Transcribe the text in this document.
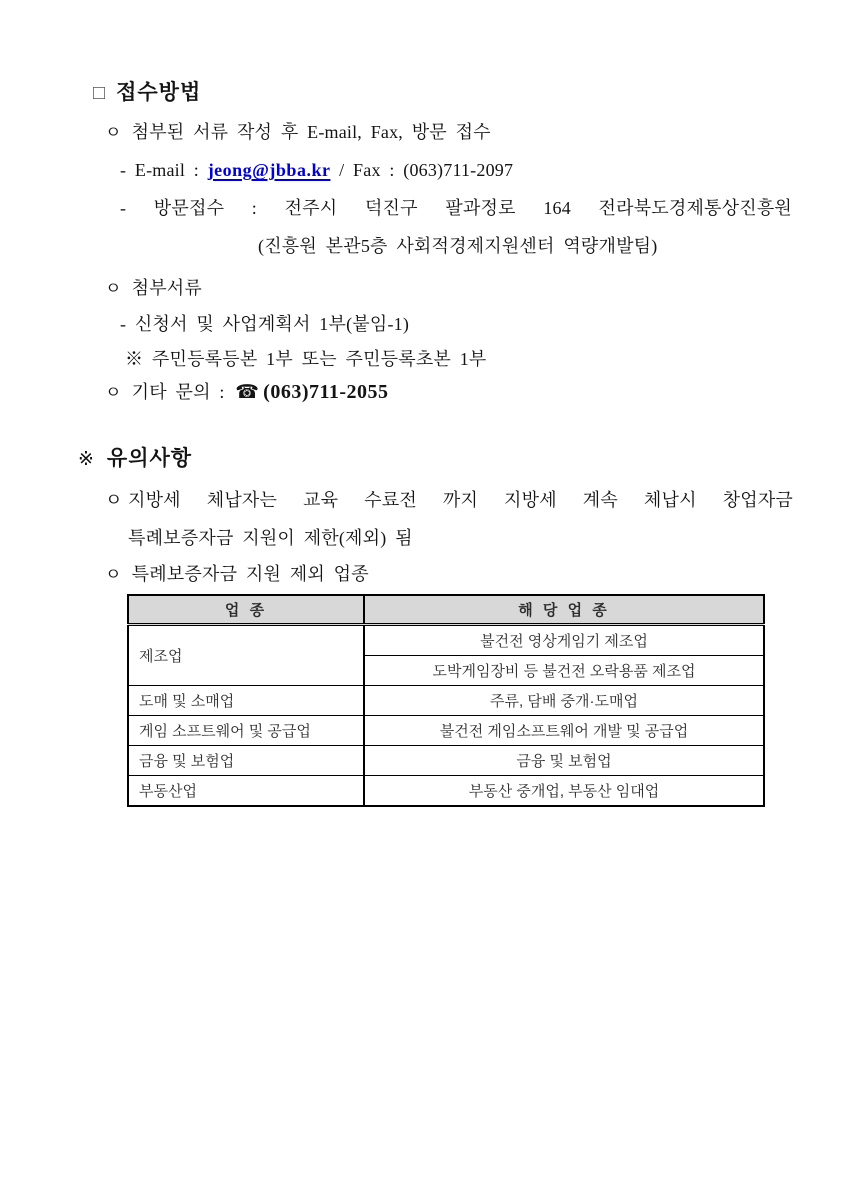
□ 접수방법
ㅇ 첨부된 서류 작성 후 E-mail, Fax, 방문 접수
- E-mail : jeong@jbba.kr / Fax : (063)711-2097
- 방문접수 : 전주시 덕진구 팔과정로 164 전라북도경제통상진흥원
(진흥원 본관5층 사회적경제지원센터 역량개발팀)
ㅇ 첨부서류
- 신청서 및 사업계획서 1부(붙임-1)
※ 주민등록등본 1부 또는 주민등록초본 1부
ㅇ 기타 문의 : ☎ (063)711-2055
※ 유의사항
ㅇ 지방세 체납자는 교육 수료전 까지 지방세 계속 체납시 창업자금
특례보증자금 지원이 제한(제외) 됨
ㅇ 특례보증자금 지원 제외 업종
업 종	해 당 업 종
제조업	불건전 영상게임기 제조업
	도박게임장비 등 불건전 오락용품 제조업
도매 및 소매업	주류, 담배 중개·도매업
게임 소프트웨어 및 공급업	불건전 게임소프트웨어 개발 및 공급업
금융 및 보험업	금융 및 보험업
부동산업	부동산 중개업, 부동산 임대업
